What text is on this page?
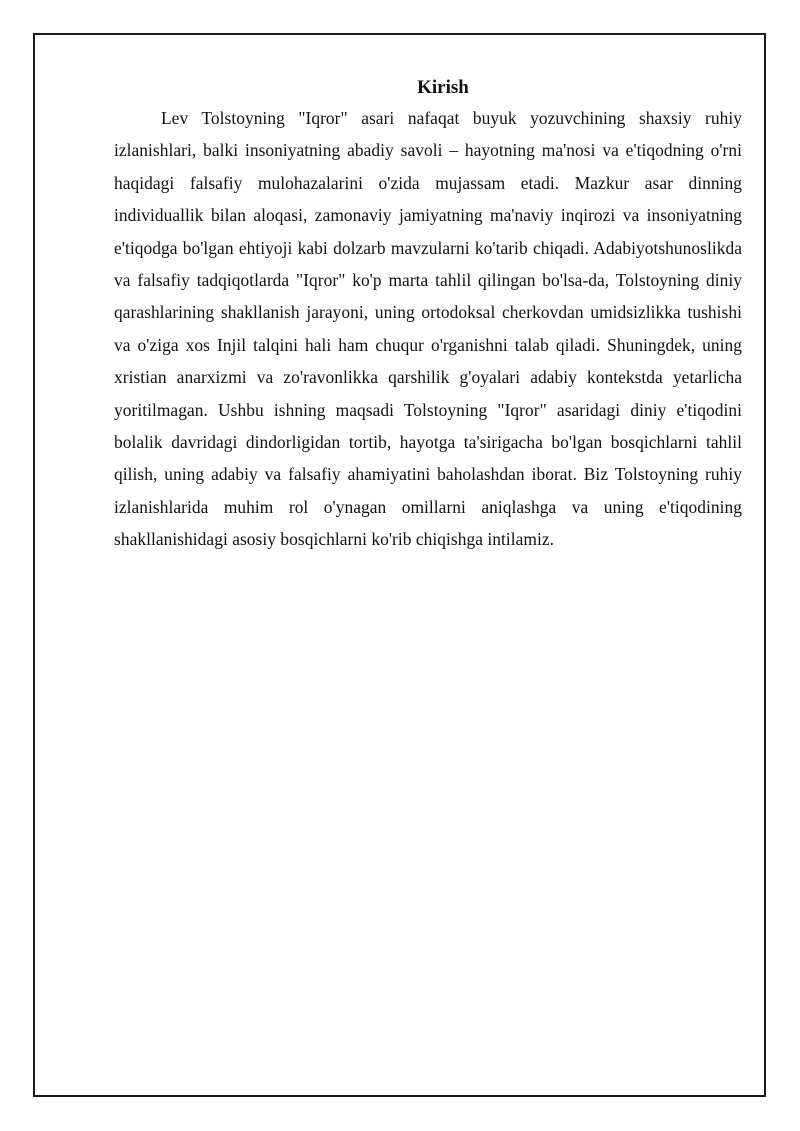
Kirish

Lev Tolstoyning "Iqror" asari nafaqat buyuk yozuvchining shaxsiy ruhiy izlanishlari, balki insoniyatning abadiy savoli – hayotning ma'nosi va e'tiqodning o'rni haqidagi falsafiy mulohazalarini o'zida mujassam etadi. Mazkur asar dinning individuallik bilan aloqasi, zamonaviy jamiyatning ma'naviy inqirozi va insoniyatning e'tiqodga bo'lgan ehtiyoji kabi dolzarb mavzularni ko'tarib chiqadi. Adabiyotshunoslikda va falsafiy tadqiqotlarda "Iqror" ko'p marta tahlil qilingan bo'lsa-da, Tolstoyning diniy qarashlarining shakllanish jarayoni, uning ortodoksal cherkovdan umidsizlikka tushishi va o'ziga xos Injil talqini hali ham chuqur o'rganishni talab qiladi. Shuningdek, uning xristian anarxizmi va zo'ravonlikka qarshilik g'oyalari adabiy kontekstda yetarlicha yoritilmagan. Ushbu ishning maqsadi Tolstoyning "Iqror" asaridagi diniy e'tiqodini bolalik davridagi dindorligidan tortib, hayotga ta'sirigacha bo'lgan bosqichlarni tahlil qilish, uning adabiy va falsafiy ahamiyatini baholashdan iborat. Biz Tolstoyning ruhiy izlanishlarida muhim rol o'ynagan omillarni aniqlashga va uning e'tiqodining shakllanishidagi asosiy bosqichlarni ko'rib chiqishga intilamiz.
